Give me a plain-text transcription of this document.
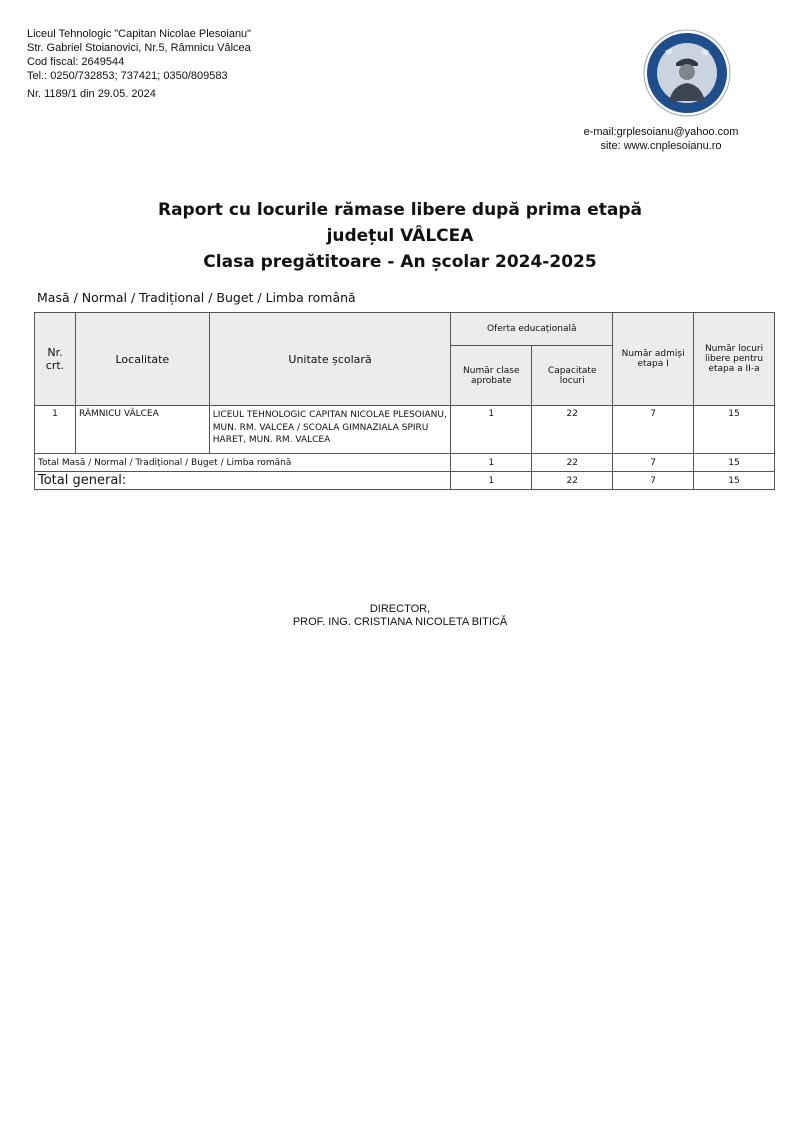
Liceul Tehnologic "Capitan Nicolae Plesoianu"
Str. Gabriel Stoianovici, Nr.5, Râmnicu Vâlcea
Cod fiscal: 2649544
Tel.: 0250/732853; 737421; 0350/809583
Nr. 1189/1 din 29.05. 2024
e-mail:grplesoianu@yahoo.com
site: www.cnplesoianu.ro
Raport cu locurile rămase libere după prima etapă
județul VÂLCEA
Clasa pregătitoare - An școlar 2024-2025
Masă / Normal / Tradițional / Buget / Limba română
Nr. crt.	Localitate	Unitate școlară	Oferta educațională		Număr admiși etapa I	Număr locuri libere pentru etapa a II-a
			Număr clase aprobate	Capacitate locuri		
1	RÂMNICU VÂLCEA	LICEUL TEHNOLOGIC CAPITAN NICOLAE PLESOIANU, MUN. RM. VALCEA / SCOALA GIMNAZIALA SPIRU HARET, MUN. RM. VALCEA	1	22	7	15
Total Masă / Normal / Tradițional / Buget / Limba română			1	22	7	15
Total general:			1	22	7	15
DIRECTOR,
PROF. ING. CRISTIANA NICOLETA BITICĂ
